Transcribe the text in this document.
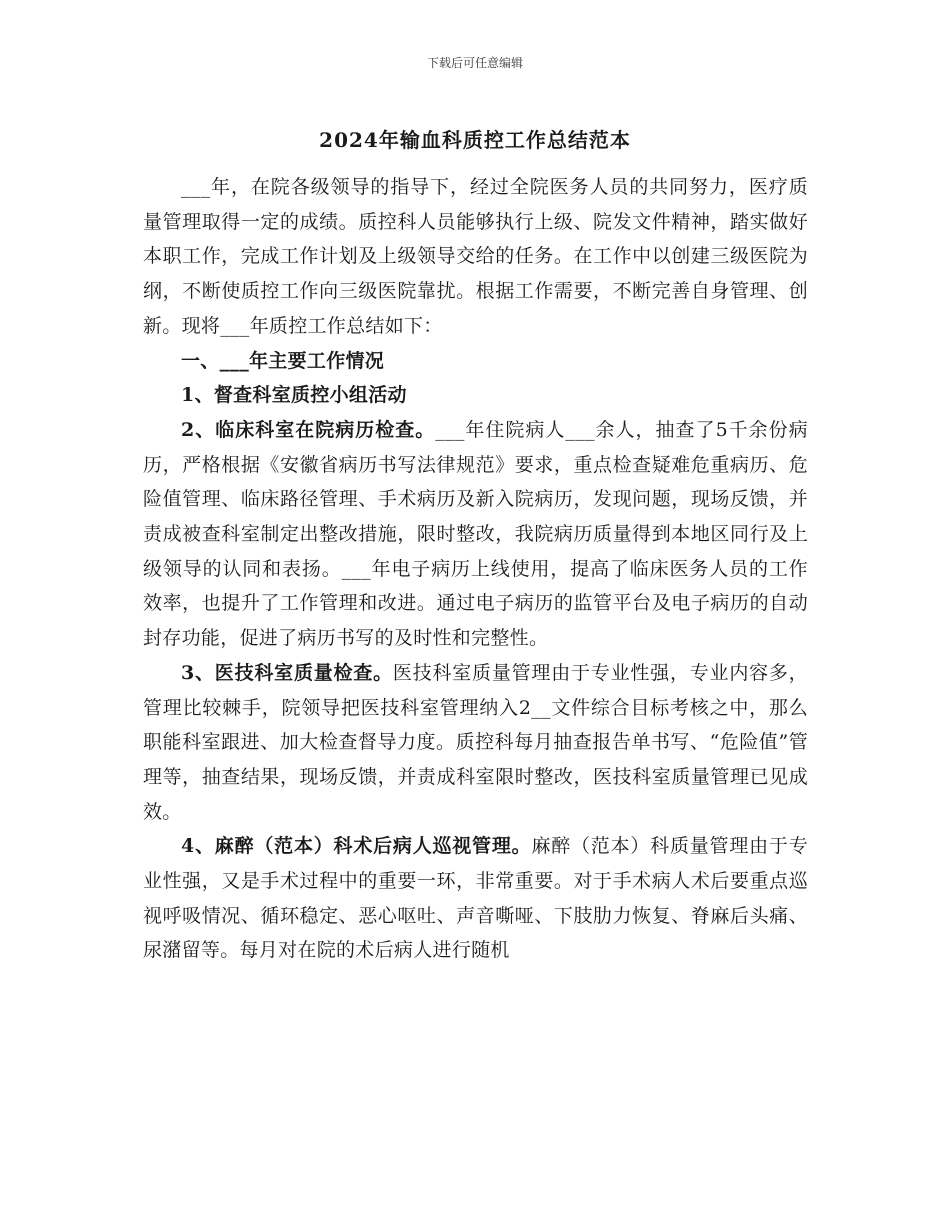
下载后可任意编辑
2024年输血科质控工作总结范本

___年，在院各级领导的指导下，经过全院医务人员的共同努力，医疗质量管理取得一定的成绩。质控科人员能够执行上级、院发文件精神，踏实做好本职工作，完成工作计划及上级领导交给的任务。在工作中以创建三级医院为纲，不断使质控工作向三级医院靠扰。根据工作需要，不断完善自身管理、创新。现将___年质控工作总结如下：

一、___年主要工作情况

1、督查科室质控小组活动

2、临床科室在院病历检查。___年住院病人___余人，抽查了5千余份病历，严格根据《安徽省病历书写法律规范》要求，重点检查疑难危重病历、危险值管理、临床路径管理、手术病历及新入院病历，发现问题，现场反馈，并责成被查科室制定出整改措施，限时整改，我院病历质量得到本地区同行及上级领导的认同和表扬。___年电子病历上线使用，提高了临床医务人员的工作效率，也提升了工作管理和改进。通过电子病历的监管平台及电子病历的自动封存功能，促进了病历书写的及时性和完整性。

3、医技科室质量检查。医技科室质量管理由于专业性强，专业内容多，管理比较棘手，院领导把医技科室管理纳入2__文件综合目标考核之中，那么职能科室跟进、加大检查督导力度。质控科每月抽查报告单书写、“危险值”管理等，抽查结果，现场反馈，并责成科室限时整改，医技科室质量管理已见成效。

4、麻醉（范本）科术后病人巡视管理。麻醉（范本）科质量管理由于专业性强，又是手术过程中的重要一环，非常重要。对于手术病人术后要重点巡视呼吸情况、循环稳定、恶心呕吐、声音嘶哑、下肢肋力恢复、脊麻后头痛、尿潴留等。每月对在院的术后病人进行随机
